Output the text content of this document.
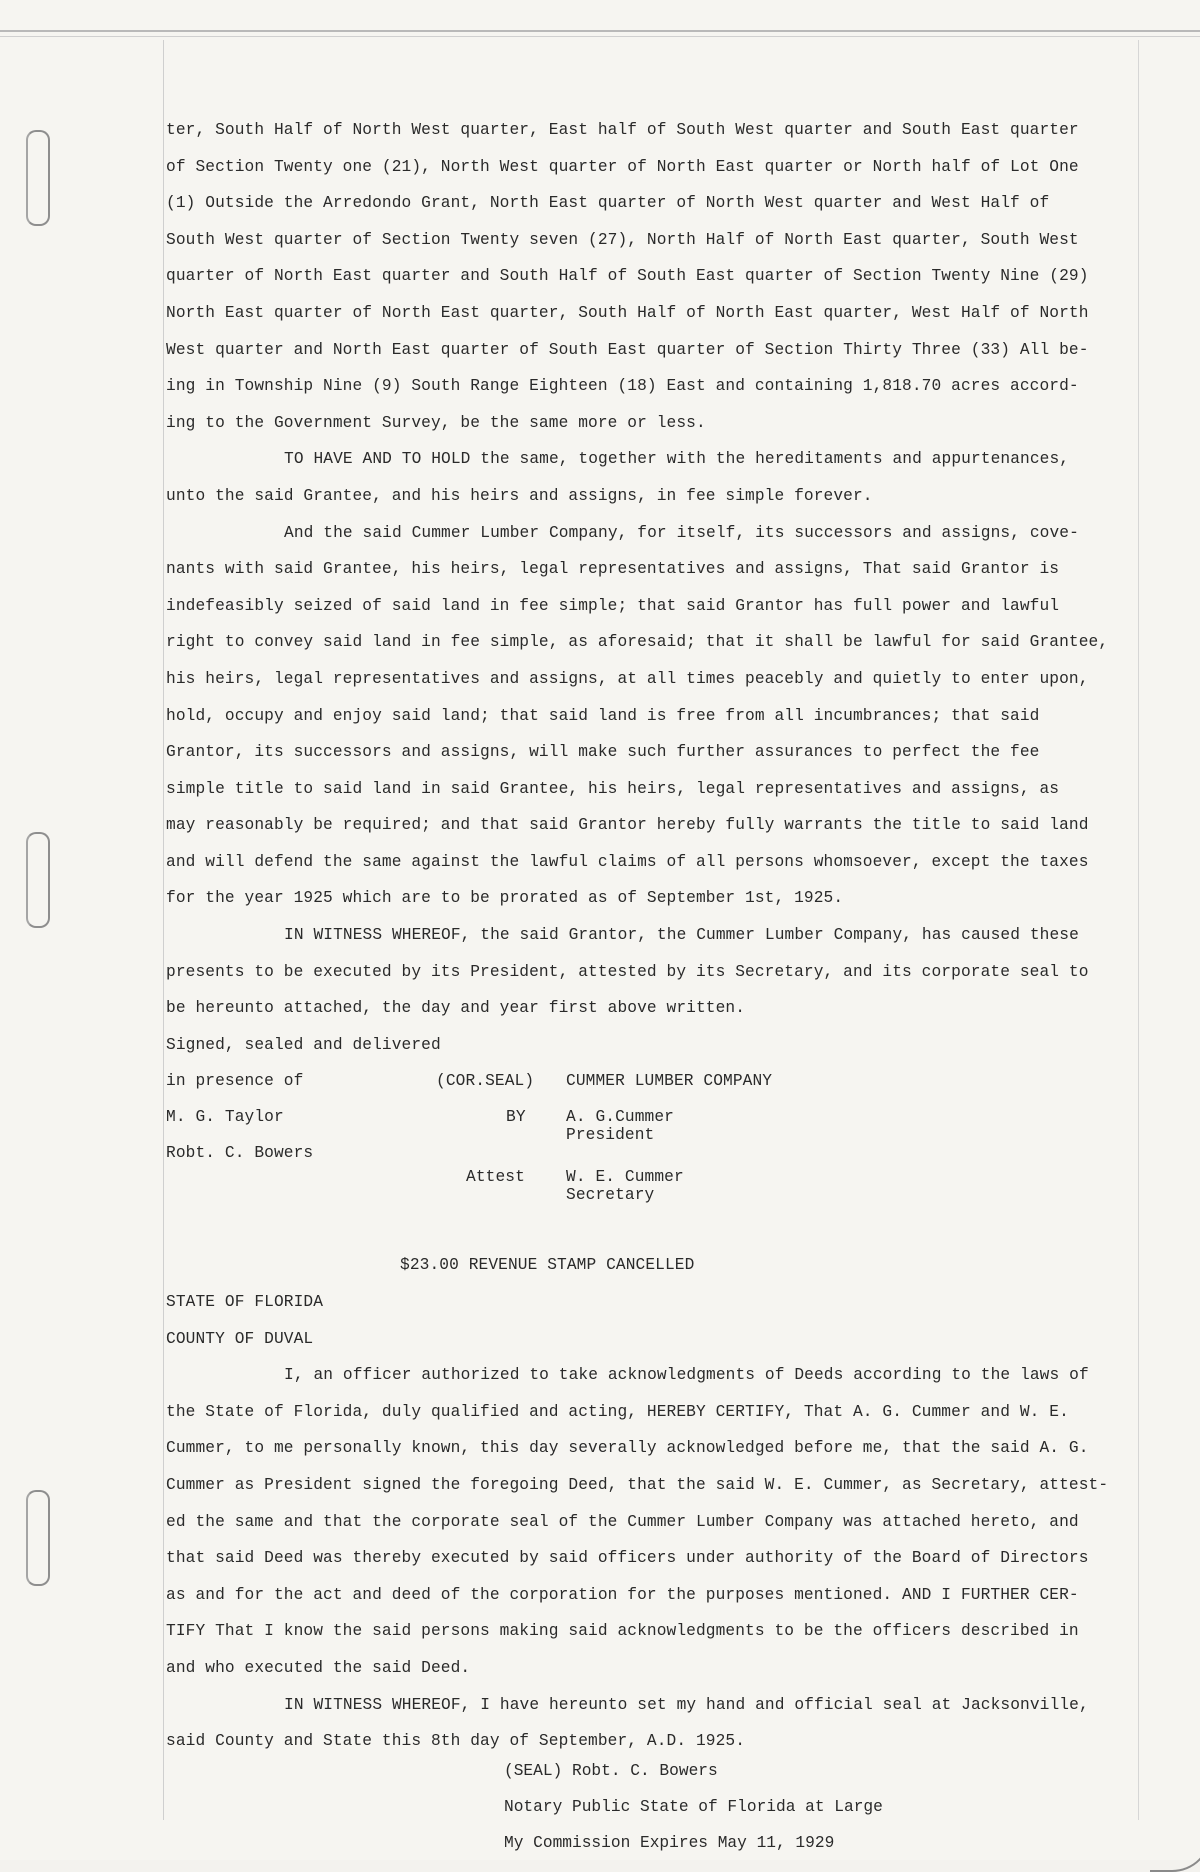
ter, South Half of North West quarter, East half of South West quarter and South East quarter
of Section Twenty one (21), North West quarter of North East quarter or North half of Lot One
(1) Outside the Arredondo Grant, North East quarter of North West quarter and West Half of
South West quarter of Section Twenty seven (27), North Half of North East quarter, South West
quarter of North East quarter and South Half of South East quarter of Section Twenty Nine (29)
North East quarter of North East quarter, South Half of North East quarter, West Half of North
West quarter and North East quarter of South East quarter of Section Thirty Three (33) All be-
ing in Township Nine (9) South Range Eighteen (18) East and containing 1,818.70 acres accord-
ing to the Government Survey, be the same more or less.
TO HAVE AND TO HOLD the same, together with the hereditaments and appurtenances,
unto the said Grantee, and his heirs and assigns, in fee simple forever.
And the said Cummer Lumber Company, for itself, its successors and assigns, cove-
nants with said Grantee, his heirs, legal representatives and assigns, That said Grantor is
indefeasibly seized of said land in fee simple; that said Grantor has full power and lawful
right to convey said land in fee simple, as aforesaid; that it shall be lawful for said Grantee,
his heirs, legal representatives and assigns, at all times peacebly and quietly to enter upon,
hold, occupy and enjoy said land; that said land is free from all incumbrances; that said
Grantor, its successors and assigns, will make such further assurances to perfect the fee
simple title to said land in said Grantee, his heirs, legal representatives and assigns, as
may reasonably be required; and that said Grantor hereby fully warrants the title to said land
and will defend the same against the lawful claims of all persons whomsoever, except the taxes
for the year 1925 which are to be prorated as of September 1st, 1925.
IN WITNESS WHEREOF, the said Grantor, the Cummer Lumber Company, has caused these
presents to be executed by its President, attested by its Secretary, and its corporate seal to
be hereunto attached, the day and year first above written.
Signed, sealed and delivered
in presence of	(COR.SEAL) CUMMER LUMBER COMPANY
M. G. Taylor	BY A. G.Cummer
President
Robt. C. Bowers
Attest	W. E. Cummer
Secretary
$23.00 REVENUE STAMP CANCELLED
STATE OF FLORIDA
COUNTY OF DUVAL
I, an officer authorized to take acknowledgments of Deeds according to the laws of
the State of Florida, duly qualified and acting, HEREBY CERTIFY, That A. G. Cummer and W. E.
Cummer, to me personally known, this day severally acknowledged before me, that the said A. G.
Cummer as President signed the foregoing Deed, that the said W. E. Cummer, as Secretary, attest-
ed the same and that the corporate seal of the Cummer Lumber Company was attached hereto, and
that said Deed was thereby executed by said officers under authority of the Board of Directors
as and for the act and deed of the corporation for the purposes mentioned. AND I FURTHER CER-
TIFY That I know the said persons making said acknowledgments to be the officers described in
and who executed the said Deed.
IN WITNESS WHEREOF, I have hereunto set my hand and official seal at Jacksonville,
said County and State this 8th day of September, A.D. 1925.
(SEAL) Robt. C. Bowers
Notary Public State of Florida at Large
My Commission Expires May 11, 1929
